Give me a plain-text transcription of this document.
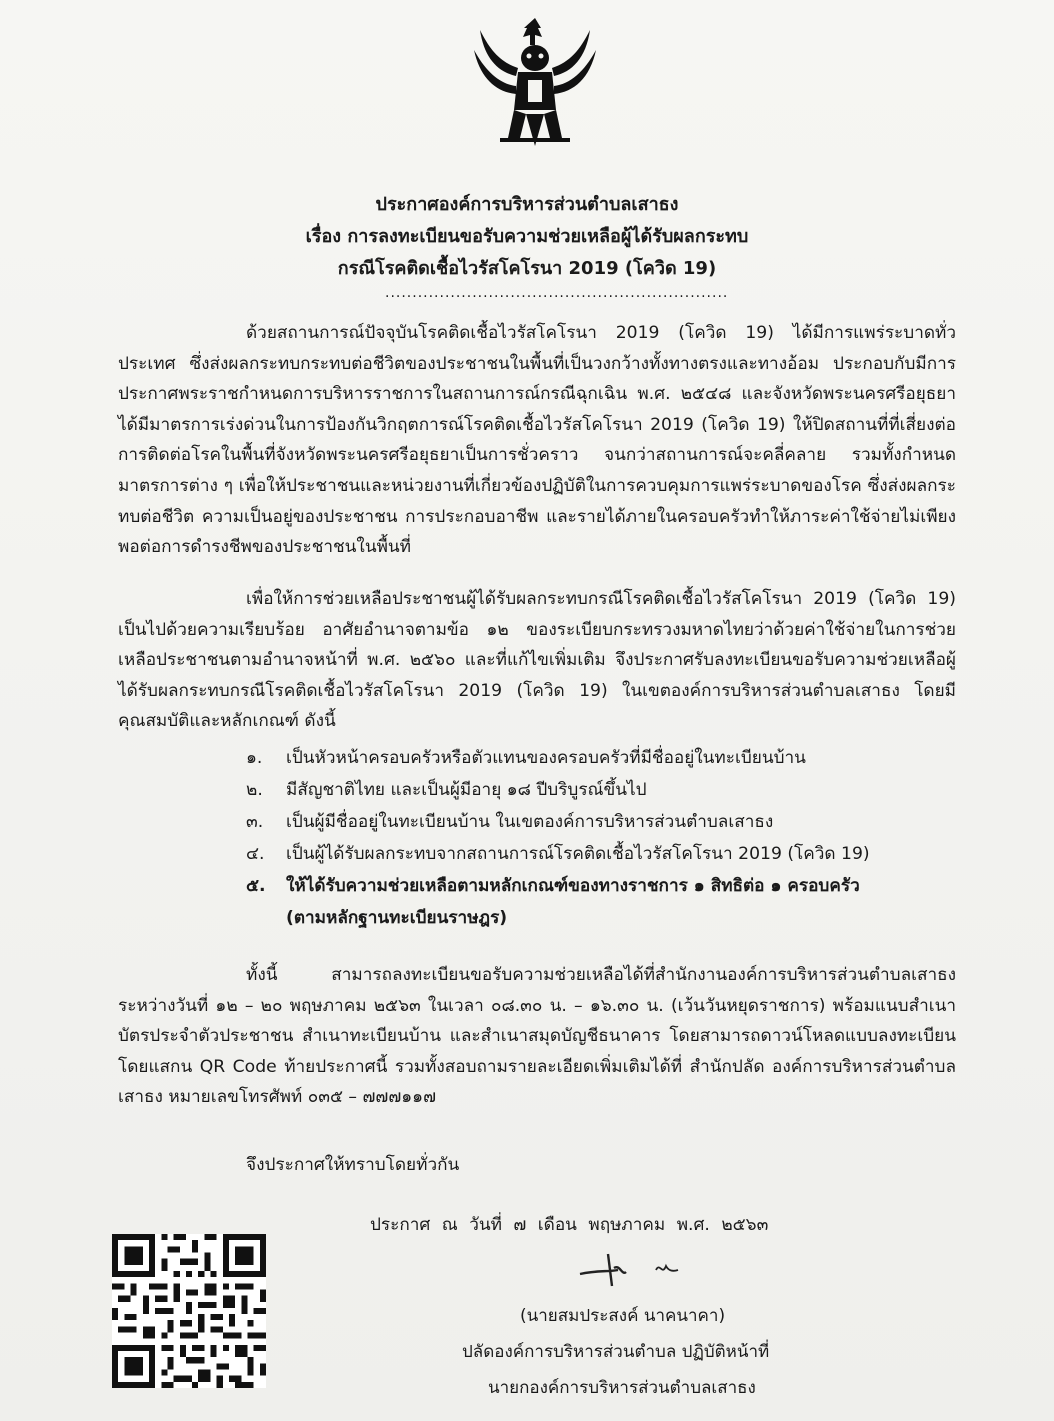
ประกาศองค์การบริหารส่วนตำบลเสาธง
เรื่อง การลงทะเบียนขอรับความช่วยเหลือผู้ได้รับผลกระทบ
กรณีโรคติดเชื้อไวรัสโคโรนา 2019 (โควิด 19)
...............................................................
ด้วยสถานการณ์ปัจจุบันโรคติดเชื้อไวรัสโคโรนา 2019 (โควิด 19) ได้มีการแพร่ระบาดทั่วประเทศ ซึ่งส่งผลกระทบกระทบต่อชีวิตของประชาชนในพื้นที่เป็นวงกว้างทั้งทางตรงและทางอ้อม ประกอบกับมีการประกาศพระราชกำหนดการบริหารราชการในสถานการณ์กรณีฉุกเฉิน พ.ศ. ๒๕๔๘ และจังหวัดพระนครศรีอยุธยาได้มีมาตรการเร่งด่วนในการป้องกันวิกฤตการณ์โรคติดเชื้อไวรัสโคโรนา 2019 (โควิด 19) ให้ปิดสถานที่ที่เสี่ยงต่อการติดต่อโรคในพื้นที่จังหวัดพระนครศรีอยุธยาเป็นการชั่วคราว จนกว่าสถานการณ์จะคลี่คลาย รวมทั้งกำหนดมาตรการต่าง ๆ เพื่อให้ประชาชนและหน่วยงานที่เกี่ยวข้องปฏิบัติในการควบคุมการแพร่ระบาดของโรค ซึ่งส่งผลกระทบต่อชีวิต ความเป็นอยู่ของประชาชน การประกอบอาชีพ และรายได้ภายในครอบครัวทำให้ภาระค่าใช้จ่ายไม่เพียงพอต่อการดำรงชีพของประชาชนในพื้นที่
เพื่อให้การช่วยเหลือประชาชนผู้ได้รับผลกระทบกรณีโรคติดเชื้อไวรัสโคโรนา 2019 (โควิด 19) เป็นไปด้วยความเรียบร้อย อาศัยอำนาจตามข้อ ๑๒ ของระเบียบกระทรวงมหาดไทยว่าด้วยค่าใช้จ่ายในการช่วยเหลือประชาชนตามอำนาจหน้าที่ พ.ศ. ๒๕๖๐ และที่แก้ไขเพิ่มเติม จึงประกาศรับลงทะเบียนขอรับความช่วยเหลือผู้ได้รับผลกระทบกรณีโรคติดเชื้อไวรัสโคโรนา 2019 (โควิด 19) ในเขตองค์การบริหารส่วนตำบลเสาธง โดยมีคุณสมบัติและหลักเกณฑ์ ดังนี้
๑.	เป็นหัวหน้าครอบครัวหรือตัวแทนของครอบครัวที่มีชื่ออยู่ในทะเบียนบ้าน
๒.	มีสัญชาติไทย และเป็นผู้มีอายุ ๑๘ ปีบริบูรณ์ขึ้นไป
๓.	เป็นผู้มีชื่ออยู่ในทะเบียนบ้าน ในเขตองค์การบริหารส่วนตำบลเสาธง
๔.	เป็นผู้ได้รับผลกระทบจากสถานการณ์โรคติดเชื้อไวรัสโคโรนา 2019 (โควิด 19)
๕.	ให้ได้รับความช่วยเหลือตามหลักเกณฑ์ของทางราชการ ๑ สิทธิต่อ ๑ ครอบครัว
(ตามหลักฐานทะเบียนราษฎร)
ทั้งนี้ สามารถลงทะเบียนขอรับความช่วยเหลือได้ที่สำนักงานองค์การบริหารส่วนตำบลเสาธง ระหว่างวันที่ ๑๒ – ๒๐ พฤษภาคม ๒๕๖๓ ในเวลา ๐๘.๓๐ น. – ๑๖.๓๐ น. (เว้นวันหยุดราชการ) พร้อมแนบสำเนาบัตรประจำตัวประชาชน สำเนาทะเบียนบ้าน และสำเนาสมุดบัญชีธนาคาร โดยสามารถดาวน์โหลดแบบลงทะเบียนโดยแสกน QR Code ท้ายประกาศนี้ รวมทั้งสอบถามรายละเอียดเพิ่มเติมได้ที่ สำนักปลัด องค์การบริหารส่วนตำบลเสาธง หมายเลขโทรศัพท์ ๐๓๕ – ๗๗๗๑๑๗
จึงประกาศให้ทราบโดยทั่วกัน
ประกาศ ณ วันที่ ๗ เดือน พฤษภาคม พ.ศ. ๒๕๖๓
(นายสมประสงค์ นาคนาคา)
ปลัดองค์การบริหารส่วนตำบล ปฏิบัติหน้าที่
นายกองค์การบริหารส่วนตำบลเสาธง
